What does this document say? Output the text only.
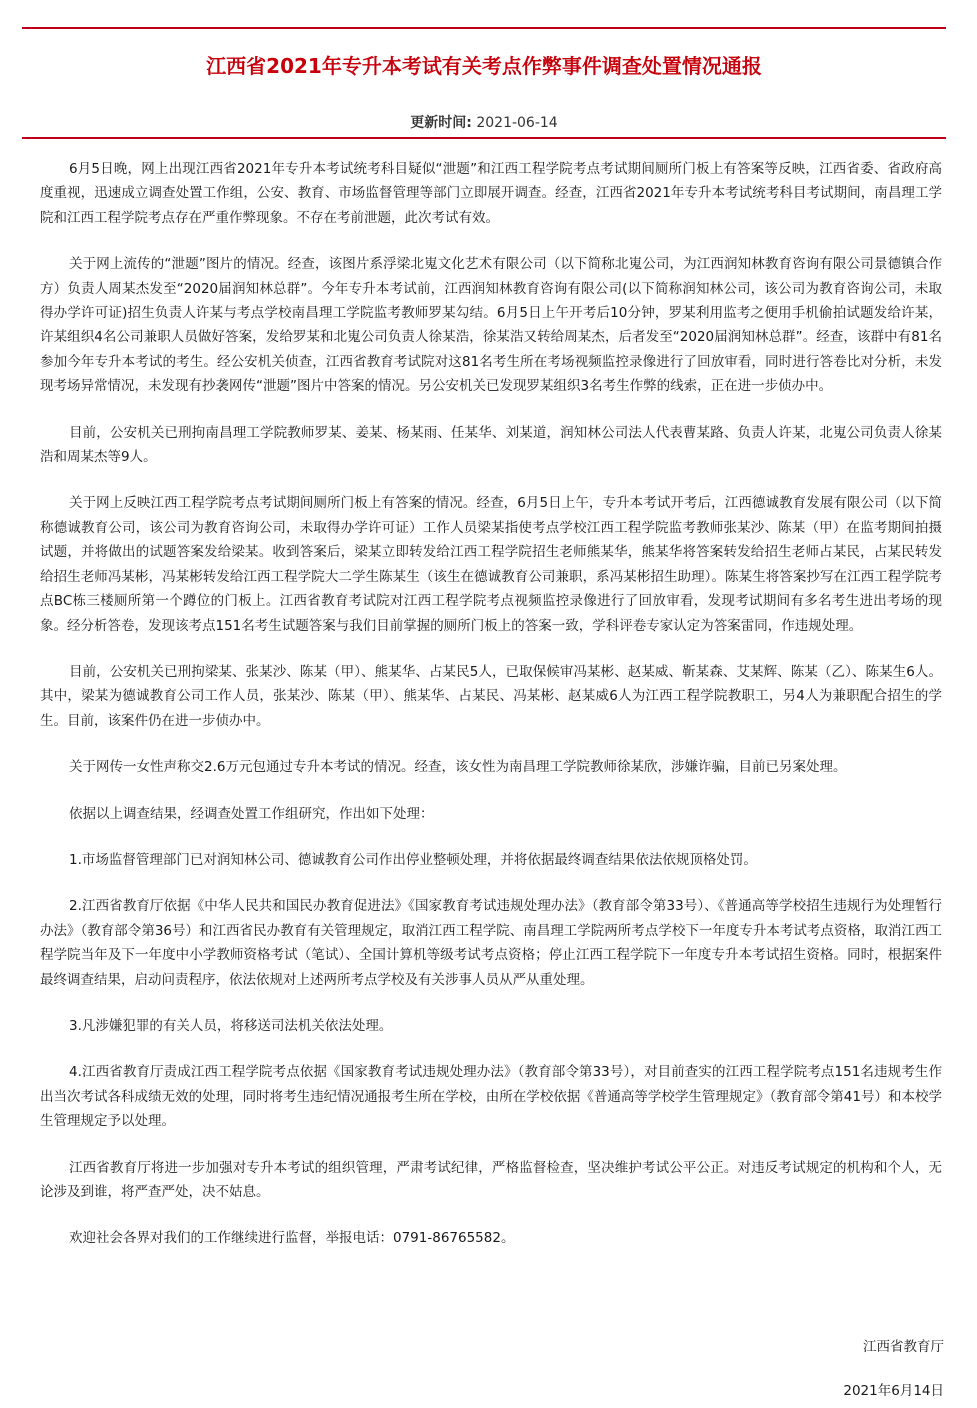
江西省2021年专升本考试有关考点作弊事件调查处置情况通报
更新时间: 2021-06-14

6月5日晚，网上出现江西省2021年专升本考试统考科目疑似“泄题”和江西工程学院考点考试期间厕所门板上有答案等反映，江西省委、省政府高度重视，迅速成立调查处置工作组，公安、教育、市场监督管理等部门立即展开调查。经查，江西省2021年专升本考试统考科目考试期间，南昌理工学院和江西工程学院考点存在严重作弊现象。不存在考前泄题，此次考试有效。

关于网上流传的“泄题”图片的情况。经查，该图片系浮梁北嵬文化艺术有限公司（以下简称北嵬公司，为江西润知林教育咨询有限公司景德镇合作方）负责人周某杰发至“2020届润知林总群”。今年专升本考试前，江西润知林教育咨询有限公司(以下简称润知林公司，该公司为教育咨询公司，未取得办学许可证)招生负责人许某与考点学校南昌理工学院监考教师罗某勾结。6月5日上午开考后10分钟，罗某利用监考之便用手机偷拍试题发给许某，许某组织4名公司兼职人员做好答案，发给罗某和北嵬公司负责人徐某浩，徐某浩又转给周某杰，后者发至“2020届润知林总群”。经查，该群中有81名参加今年专升本考试的考生。经公安机关侦查，江西省教育考试院对这81名考生所在考场视频监控录像进行了回放审看，同时进行答卷比对分析，未发现考场异常情况，未发现有抄袭网传“泄题”图片中答案的情况。另公安机关已发现罗某组织3名考生作弊的线索，正在进一步侦办中。

目前，公安机关已刑拘南昌理工学院教师罗某、姜某、杨某雨、任某华、刘某道，润知林公司法人代表曹某路、负责人许某，北嵬公司负责人徐某浩和周某杰等9人。

关于网上反映江西工程学院考点考试期间厕所门板上有答案的情况。经查，6月5日上午，专升本考试开考后，江西德诚教育发展有限公司（以下简称德诚教育公司，该公司为教育咨询公司，未取得办学许可证）工作人员梁某指使考点学校江西工程学院监考教师张某沙、陈某（甲）在监考期间拍摄试题，并将做出的试题答案发给梁某。收到答案后，梁某立即转发给江西工程学院招生老师熊某华，熊某华将答案转发给招生老师占某民，占某民转发给招生老师冯某彬，冯某彬转发给江西工程学院大二学生陈某生（该生在德诚教育公司兼职，系冯某彬招生助理）。陈某生将答案抄写在江西工程学院考点BC栋三楼厕所第一个蹲位的门板上。江西省教育考试院对江西工程学院考点视频监控录像进行了回放审看，发现考试期间有多名考生进出考场的现象。经分析答卷，发现该考点151名考生试题答案与我们目前掌握的厕所门板上的答案一致，学科评卷专家认定为答案雷同，作违规处理。

目前，公安机关已刑拘梁某、张某沙、陈某（甲）、熊某华、占某民5人，已取保候审冯某彬、赵某威、靳某森、艾某辉、陈某（乙）、陈某生6人。其中，梁某为德诚教育公司工作人员，张某沙、陈某（甲）、熊某华、占某民、冯某彬、赵某威6人为江西工程学院教职工，另4人为兼职配合招生的学生。目前，该案件仍在进一步侦办中。

关于网传一女性声称交2.6万元包通过专升本考试的情况。经查，该女性为南昌理工学院教师徐某欣，涉嫌诈骗，目前已另案处理。

依据以上调查结果，经调查处置工作组研究，作出如下处理：

1.市场监督管理部门已对润知林公司、德诚教育公司作出停业整顿处理，并将依据最终调查结果依法依规顶格处罚。

2.江西省教育厅依据《中华人民共和国民办教育促进法》《国家教育考试违规处理办法》（教育部令第33号）、《普通高等学校招生违规行为处理暂行办法》（教育部令第36号）和江西省民办教育有关管理规定，取消江西工程学院、南昌理工学院两所考点学校下一年度专升本考试考点资格，取消江西工程学院当年及下一年度中小学教师资格考试（笔试）、全国计算机等级考试考点资格；停止江西工程学院下一年度专升本考试招生资格。同时，根据案件最终调查结果，启动问责程序，依法依规对上述两所考点学校及有关涉事人员从严从重处理。

3.凡涉嫌犯罪的有关人员，将移送司法机关依法处理。

4.江西省教育厅责成江西工程学院考点依据《国家教育考试违规处理办法》（教育部令第33号），对目前查实的江西工程学院考点151名违规考生作出当次考试各科成绩无效的处理，同时将考生违纪情况通报考生所在学校，由所在学校依据《普通高等学校学生管理规定》（教育部令第41号）和本校学生管理规定予以处理。

江西省教育厅将进一步加强对专升本考试的组织管理，严肃考试纪律，严格监督检查，坚决维护考试公平公正。对违反考试规定的机构和个人，无论涉及到谁，将严查严处，决不姑息。

欢迎社会各界对我们的工作继续进行监督，举报电话：0791-86765582。

江西省教育厅
2021年6月14日
